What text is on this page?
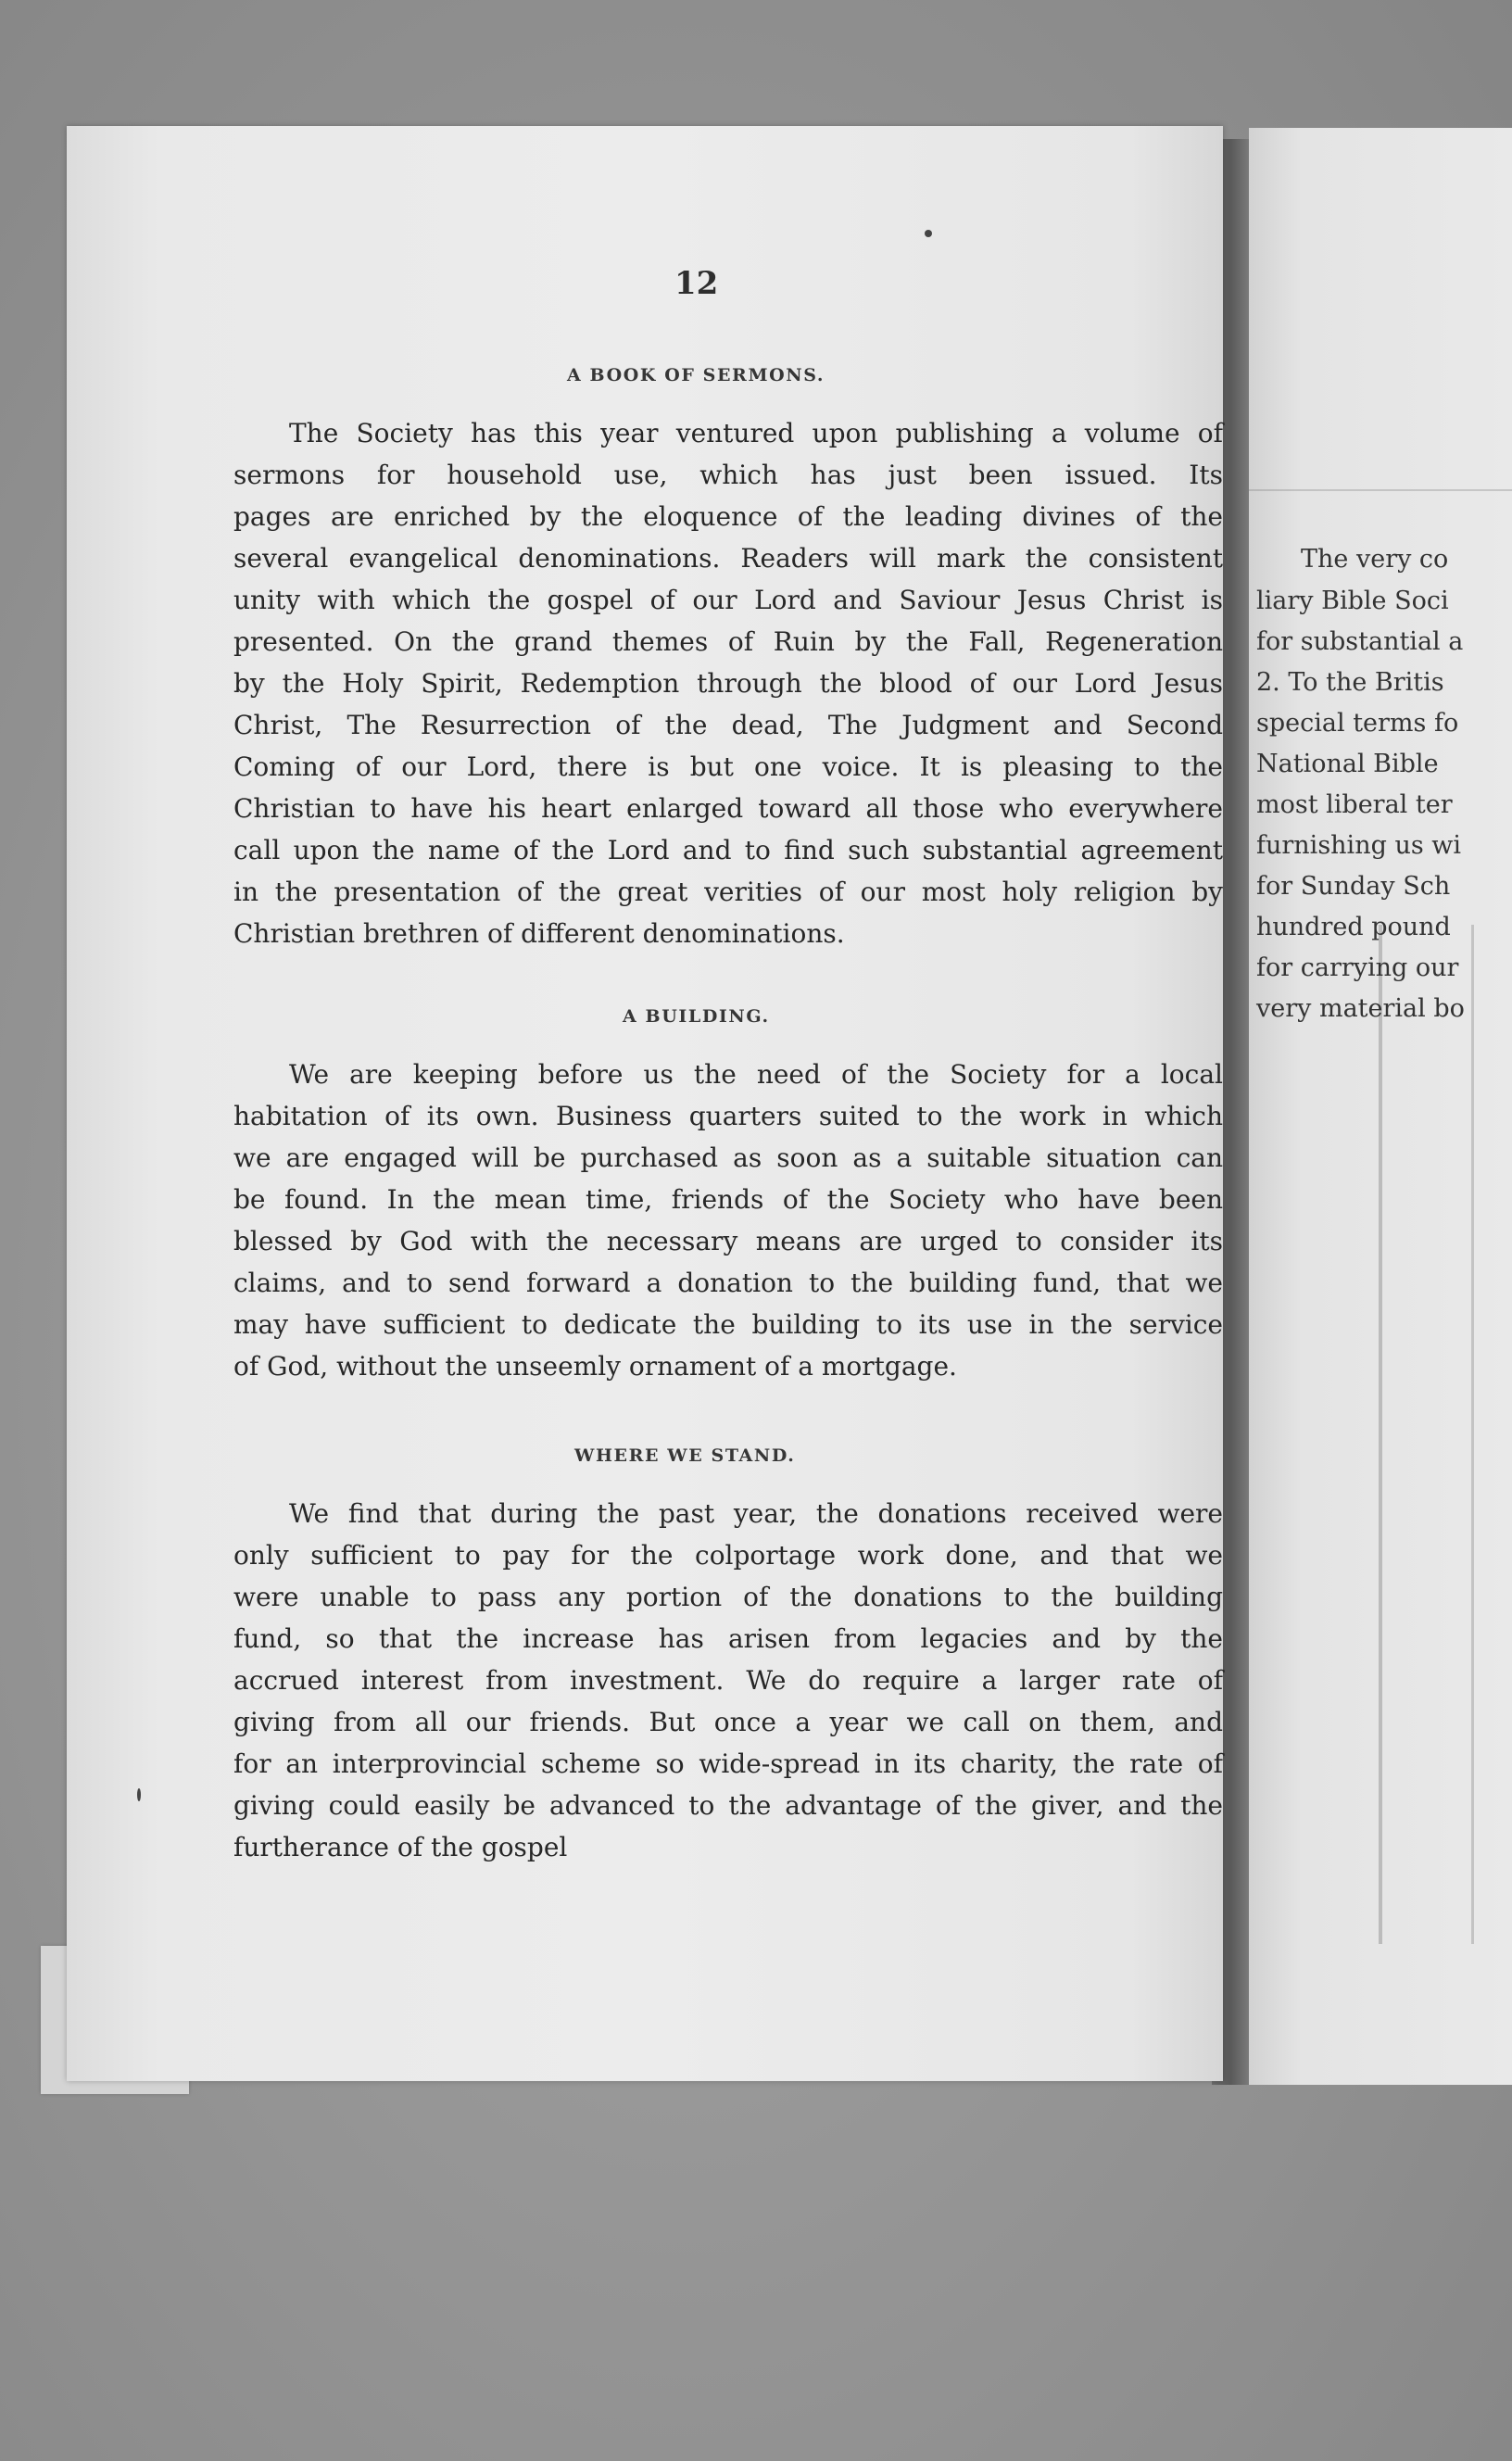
The very co
liary Bible Soci
for substantial a
2. To the Britis
special terms fo
National Bible
most liberal ter
furnishing us wi
for Sunday Sch
hundred pound
for carrying our
very material bo
12
A BOOK OF SERMONS.
The Society has this year ventured upon publishing a volume of
sermons for household use, which has just been issued. Its
pages are enriched by the eloquence of the leading divines of the
several evangelical denominations. Readers will mark the consistent
unity with which the gospel of our Lord and Saviour Jesus Christ is
presented. On the grand themes of Ruin by the Fall, Regeneration
by the Holy Spirit, Redemption through the blood of our Lord Jesus
Christ, The Resurrection of the dead, The Judgment and Second
Coming of our Lord, there is but one voice. It is pleasing to the
Christian to have his heart enlarged toward all those who everywhere
call upon the name of the Lord and to find such substantial agreement
in the presentation of the great verities of our most holy religion by
Christian brethren of different denominations.
A BUILDING.
We are keeping before us the need of the Society for a local
habitation of its own. Business quarters suited to the work in which
we are engaged will be purchased as soon as a suitable situation can
be found. In the mean time, friends of the Society who have been
blessed by God with the necessary means are urged to consider its
claims, and to send forward a donation to the building fund, that we
may have sufficient to dedicate the building to its use in the service
of God, without the unseemly ornament of a mortgage.
WHERE WE STAND.
We find that during the past year, the donations received were
only sufficient to pay for the colportage work done, and that we
were unable to pass any portion of the donations to the building
fund, so that the increase has arisen from legacies and by the
accrued interest from investment. We do require a larger rate of
giving from all our friends. But once a year we call on them, and
for an interprovincial scheme so wide-spread in its charity, the rate of
giving could easily be advanced to the advantage of the giver, and the
furtherance of the gospel
